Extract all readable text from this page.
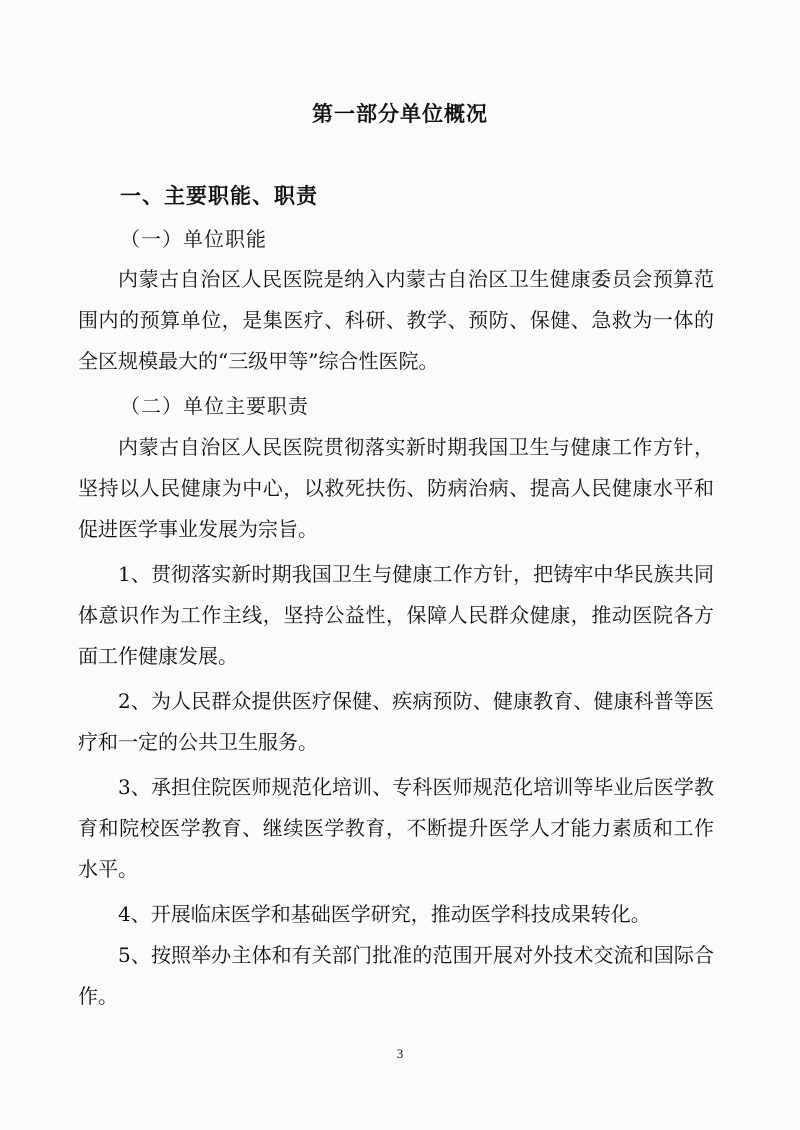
第一部分单位概况
一、主要职能、职责
（一）单位职能

内蒙古自治区人民医院是纳入内蒙古自治区卫生健康委员会预算范围内的预算单位，是集医疗、科研、教学、预防、保健、急救为一体的全区规模最大的“三级甲等”综合性医院。

（二）单位主要职责

内蒙古自治区人民医院贯彻落实新时期我国卫生与健康工作方针，坚持以人民健康为中心，以救死扶伤、防病治病、提高人民健康水平和促进医学事业发展为宗旨。

1、贯彻落实新时期我国卫生与健康工作方针，把铸牢中华民族共同体意识作为工作主线，坚持公益性，保障人民群众健康，推动医院各方面工作健康发展。

2、为人民群众提供医疗保健、疾病预防、健康教育、健康科普等医疗和一定的公共卫生服务。

3、承担住院医师规范化培训、专科医师规范化培训等毕业后医学教育和院校医学教育、继续医学教育，不断提升医学人才能力素质和工作水平。

4、开展临床医学和基础医学研究，推动医学科技成果转化。

5、按照举办主体和有关部门批准的范围开展对外技术交流和国际合作。

3
